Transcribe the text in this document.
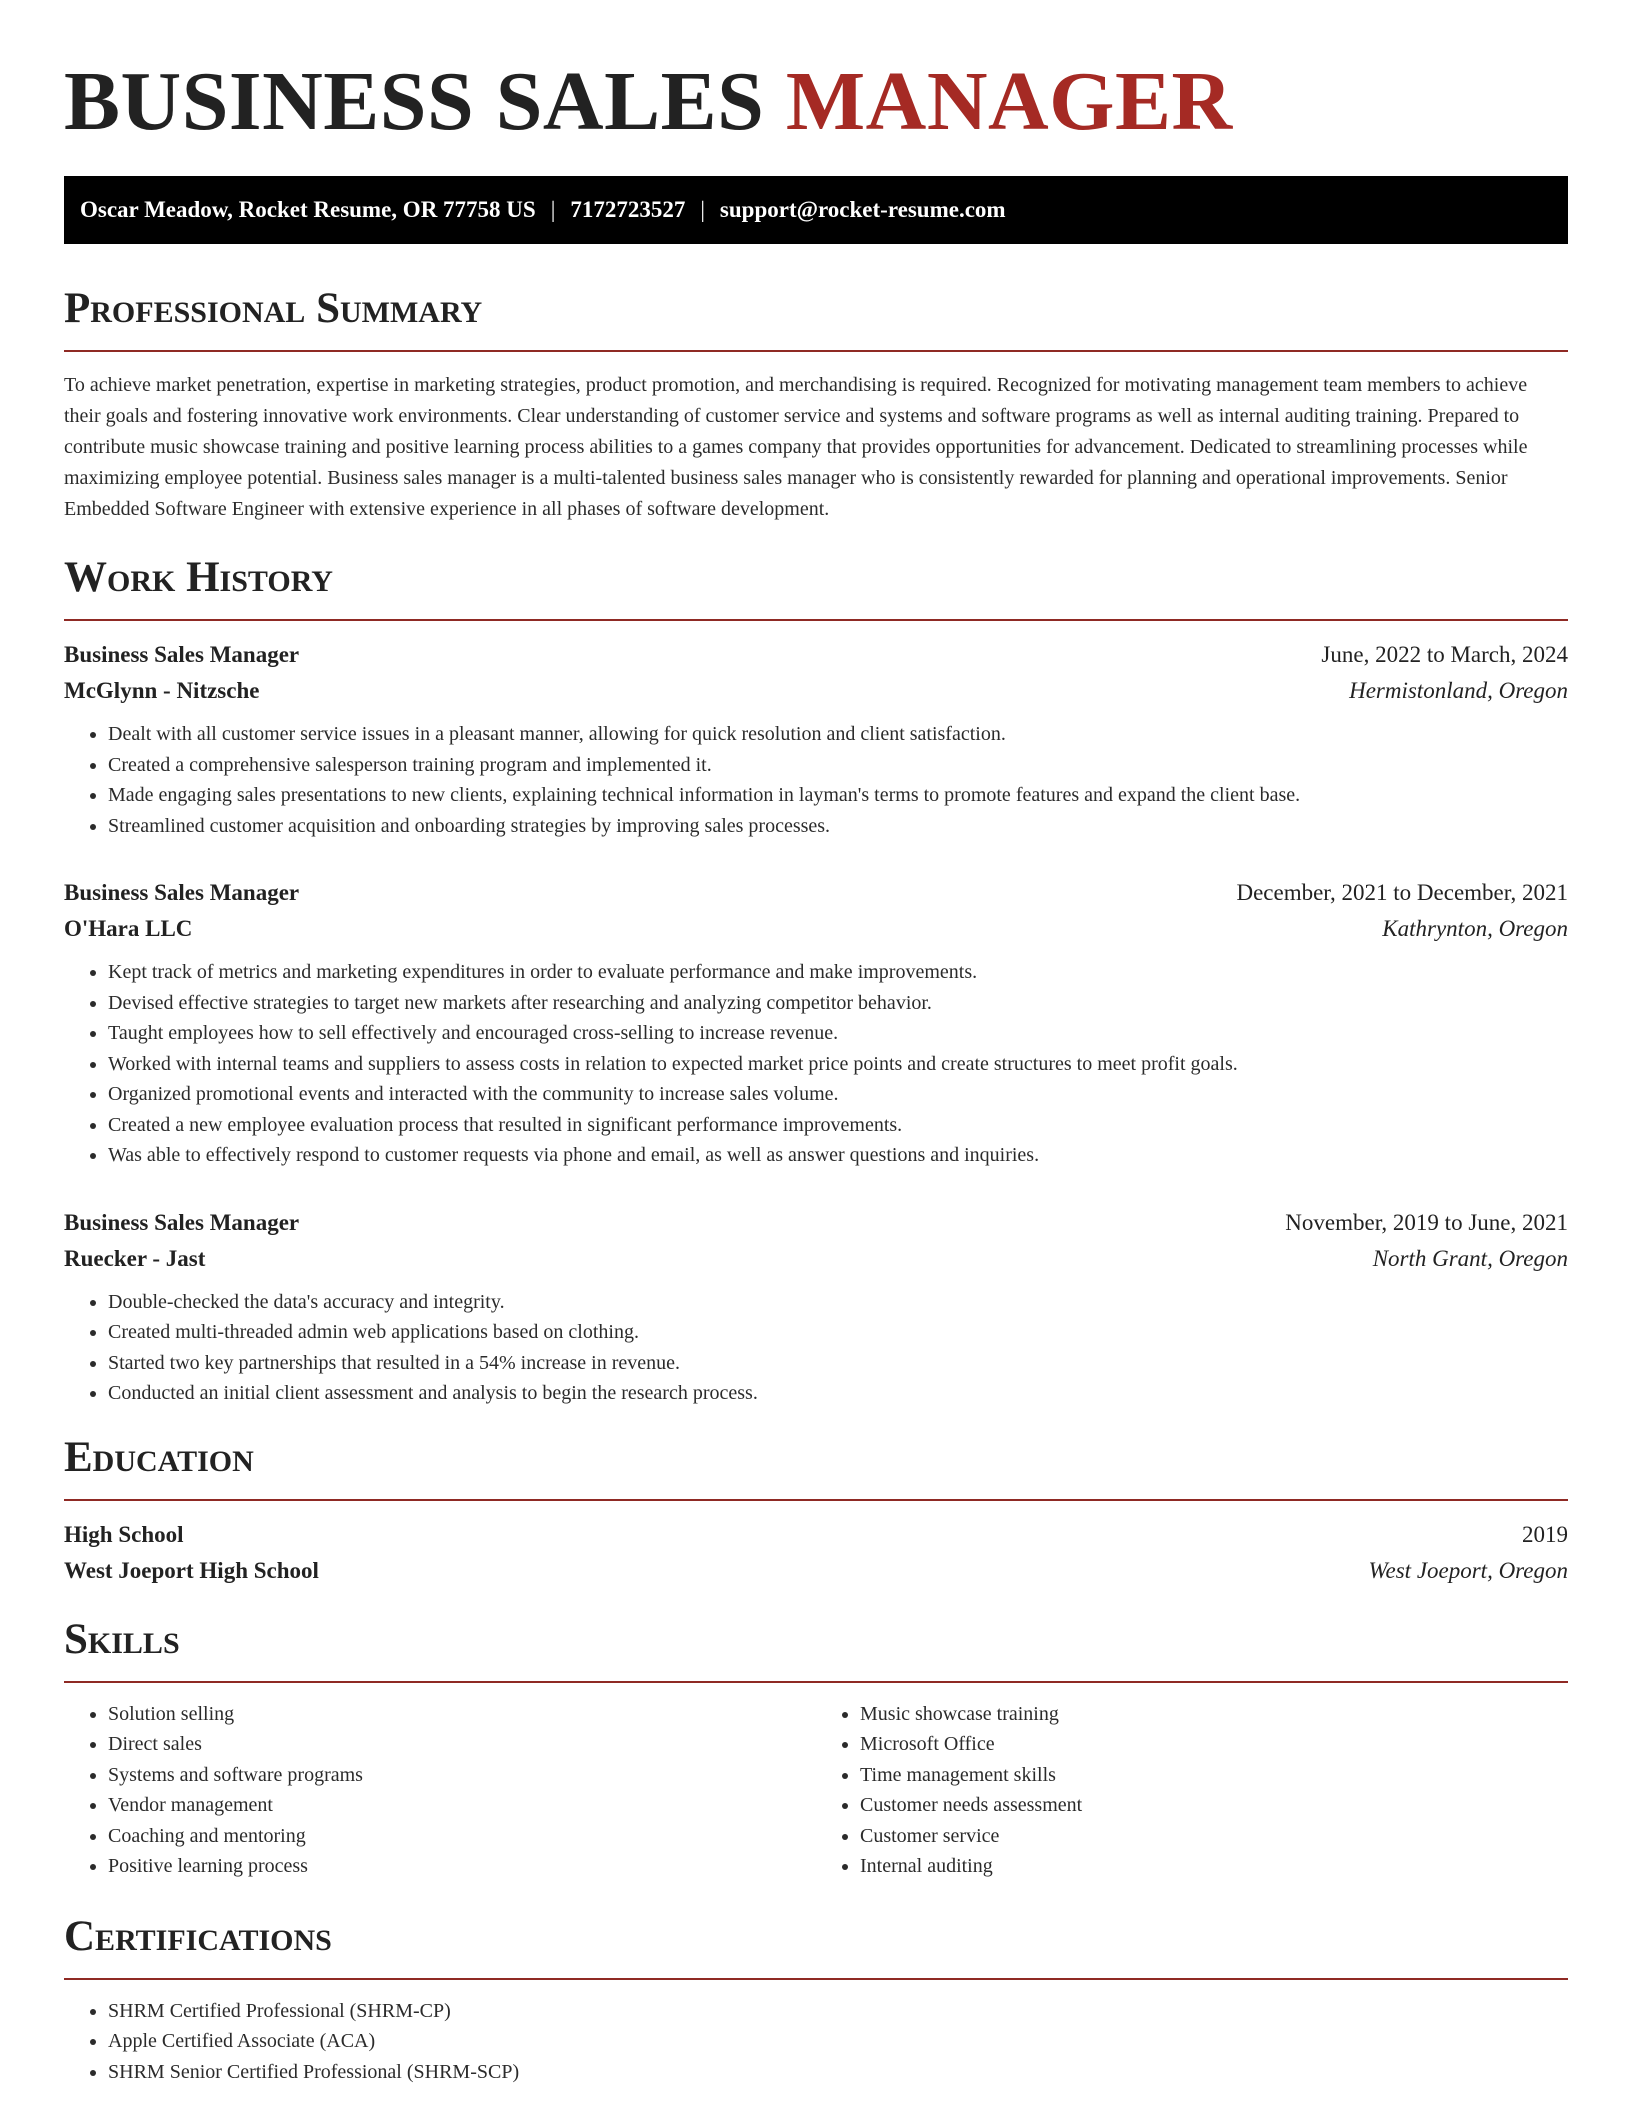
BUSINESS SALES MANAGER
Oscar Meadow, Rocket Resume, OR 77758 US | 7172723527 | support@rocket-resume.com
Professional Summary

To achieve market penetration, expertise in marketing strategies, product promotion, and merchandising is required. Recognized for motivating management team members to achieve their goals and fostering innovative work environments. Clear understanding of customer service and systems and software programs as well as internal auditing training. Prepared to contribute music showcase training and positive learning process abilities to a games company that provides opportunities for advancement. Dedicated to streamlining processes while maximizing employee potential. Business sales manager is a multi-talented business sales manager who is consistently rewarded for planning and operational improvements. Senior Embedded Software Engineer with extensive experience in all phases of software development.

Work History
Business Sales Manager	June, 2022 to March, 2024
McGlynn - Nitzsche	Hermistonland, Oregon
• Dealt with all customer service issues in a pleasant manner, allowing for quick resolution and client satisfaction.
• Created a comprehensive salesperson training program and implemented it.
• Made engaging sales presentations to new clients, explaining technical information in layman's terms to promote features and expand the client base.
• Streamlined customer acquisition and onboarding strategies by improving sales processes.
Business Sales Manager	December, 2021 to December, 2021
O'Hara LLC	Kathrynton, Oregon
• Kept track of metrics and marketing expenditures in order to evaluate performance and make improvements.
• Devised effective strategies to target new markets after researching and analyzing competitor behavior.
• Taught employees how to sell effectively and encouraged cross-selling to increase revenue.
• Worked with internal teams and suppliers to assess costs in relation to expected market price points and create structures to meet profit goals.
• Organized promotional events and interacted with the community to increase sales volume.
• Created a new employee evaluation process that resulted in significant performance improvements.
• Was able to effectively respond to customer requests via phone and email, as well as answer questions and inquiries.
Business Sales Manager	November, 2019 to June, 2021
Ruecker - Jast	North Grant, Oregon
• Double-checked the data's accuracy and integrity.
• Created multi-threaded admin web applications based on clothing.
• Started two key partnerships that resulted in a 54% increase in revenue.
• Conducted an initial client assessment and analysis to begin the research process.
Education
High School	2019
West Joeport High School	West Joeport, Oregon
Skills
• Solution selling
• Direct sales
• Systems and software programs
• Vendor management
• Coaching and mentoring
• Positive learning process
• Music showcase training
• Microsoft Office
• Time management skills
• Customer needs assessment
• Customer service
• Internal auditing
Certifications
• SHRM Certified Professional (SHRM-CP)
• Apple Certified Associate (ACA)
• SHRM Senior Certified Professional (SHRM-SCP)
